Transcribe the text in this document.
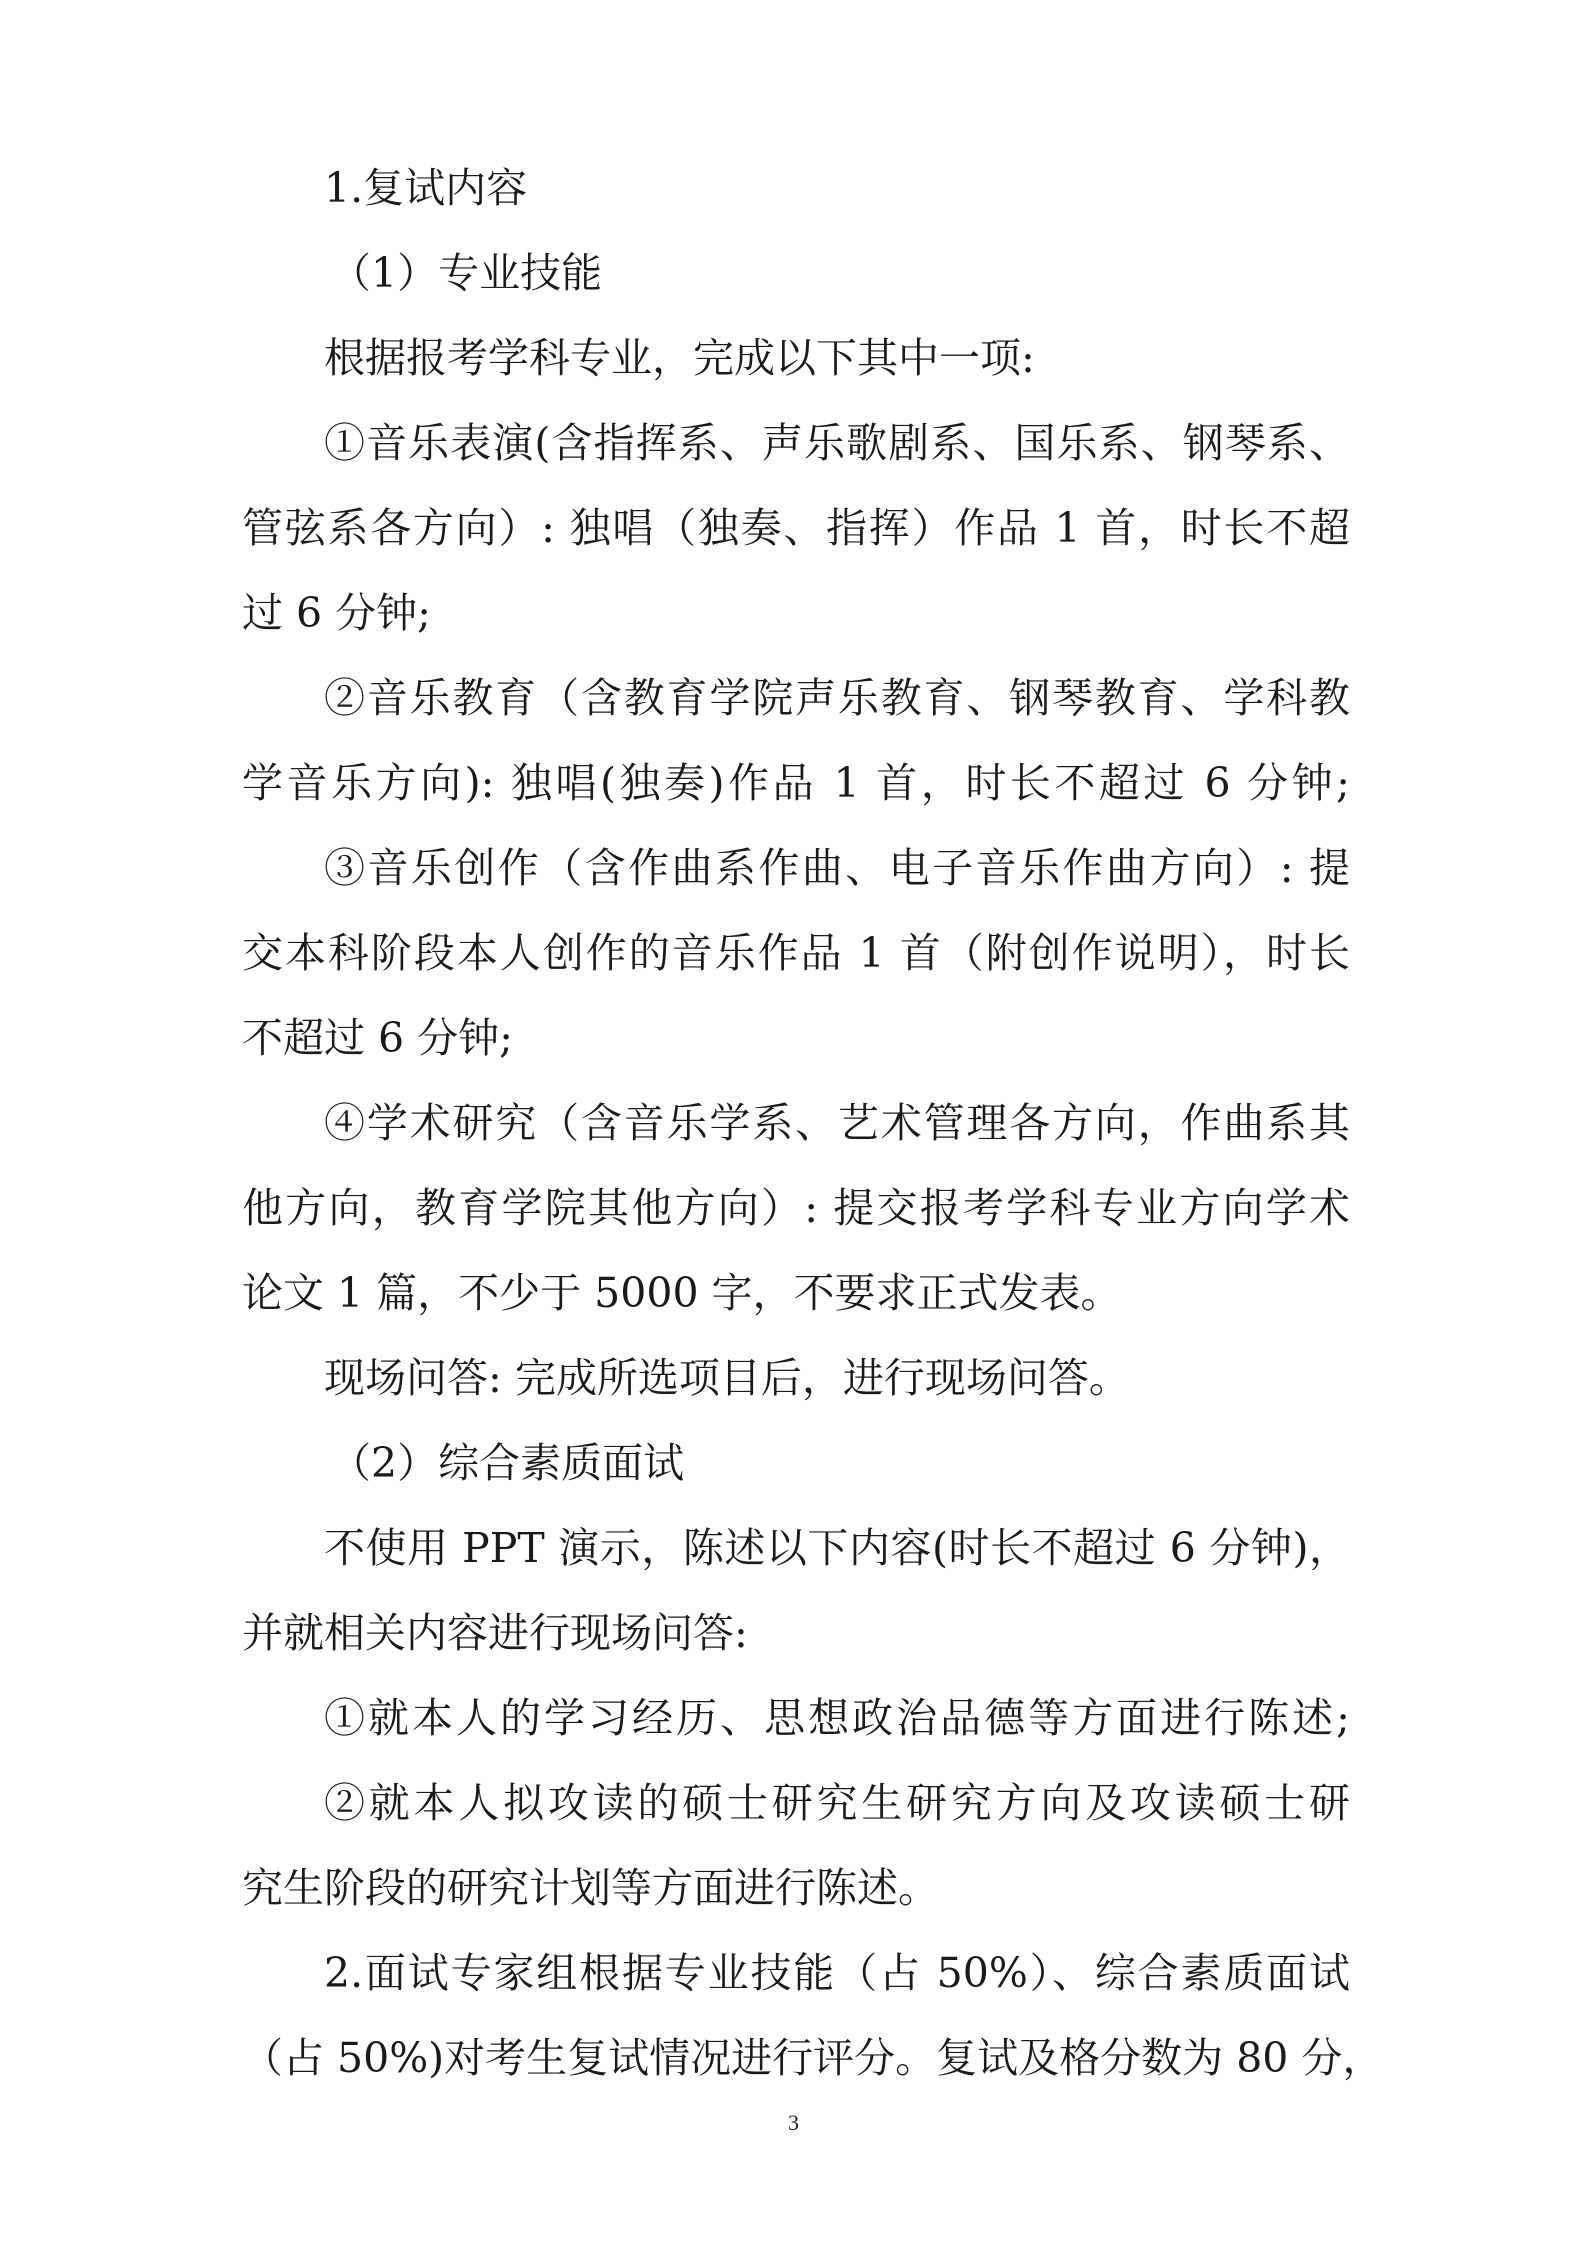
1.复试内容
（1）专业技能
根据报考学科专业，完成以下其中一项:
①音乐表演(含指挥系、声乐歌剧系、国乐系、钢琴系、
管弦系各方向）: 独唱（独奏、指挥）作品 1 首，时长不超
过 6 分钟;
②音乐教育（含教育学院声乐教育、钢琴教育、学科教
学音乐方向): 独唱(独奏)作品 1 首，时长不超过 6 分钟;
③音乐创作（含作曲系作曲、电子音乐作曲方向）: 提
交本科阶段本人创作的音乐作品 1 首（附创作说明），时长
不超过 6 分钟;
④学术研究（含音乐学系、艺术管理各方向，作曲系其
他方向，教育学院其他方向）: 提交报考学科专业方向学术
论文 1 篇，不少于 5000 字，不要求正式发表。
现场问答: 完成所选项目后，进行现场问答。
（2）综合素质面试
不使用 PPT 演示，陈述以下内容(时长不超过 6 分钟)，
并就相关内容进行现场问答:
①就本人的学习经历、思想政治品德等方面进行陈述;
②就本人拟攻读的硕士研究生研究方向及攻读硕士研
究生阶段的研究计划等方面进行陈述。
2.面试专家组根据专业技能（占 50%）、综合素质面试
（占 50%)对考生复试情况进行评分。复试及格分数为 80 分，
3
